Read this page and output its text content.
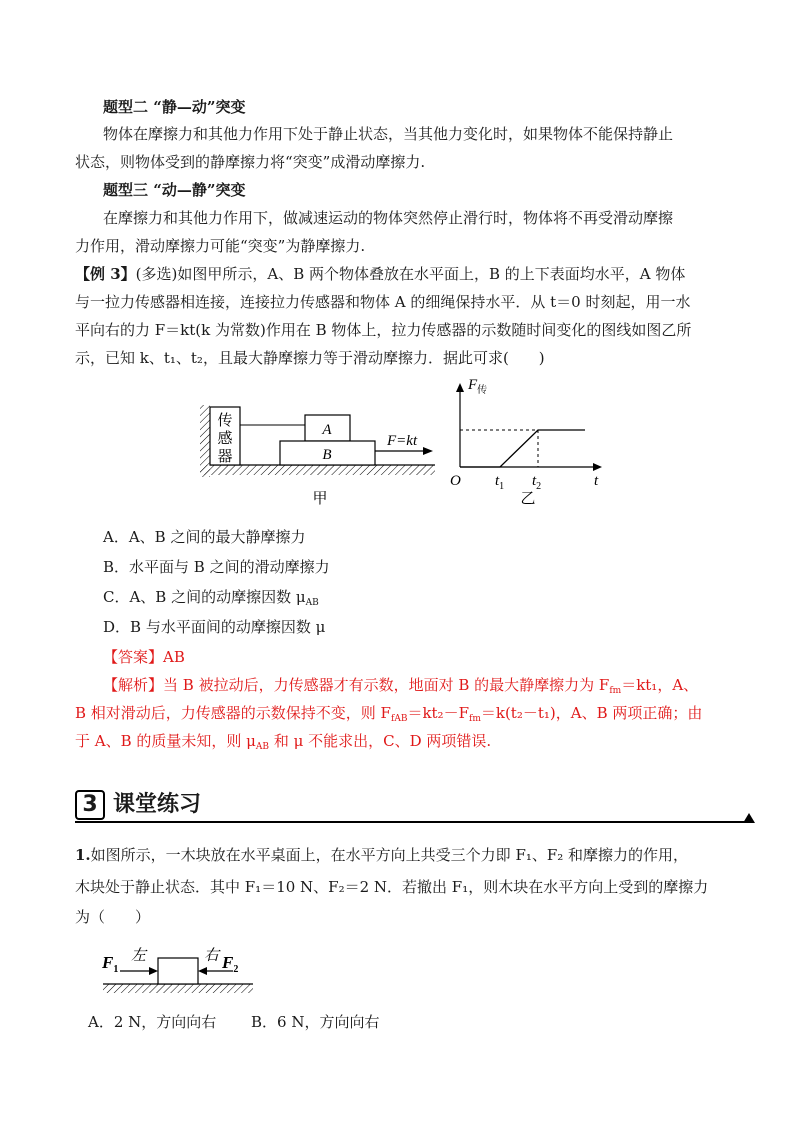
题型二 “静—动”突变
物体在摩擦力和其他力作用下处于静止状态，当其他力变化时，如果物体不能保持静止
状态，则物体受到的静摩擦力将“突变”成滑动摩擦力.
题型三 “动—静”突变
在摩擦力和其他力作用下，做减速运动的物体突然停止滑行时，物体将不再受滑动摩擦
力作用，滑动摩擦力可能“突变”为静摩擦力.
【例 3】(多选)如图甲所示，A、B 两个物体叠放在水平面上，B 的上下表面均水平，A 物体
与一拉力传感器相连接，连接拉力传感器和物体 A 的细绳保持水平．从 t＝0 时刻起，用一水
平向右的力 F＝kt(k 为常数)作用在 B 物体上，拉力传感器的示数随时间变化的图线如图乙所
示，已知 k、t₁、t₂，且最大静摩擦力等于滑动摩擦力．据此可求(　　)
传
感
器
A
B
F=kt
甲
$F_传$
O	t
$t_1$ $t_2$
乙
A．A、B 之间的最大静摩擦力
B．水平面与 B 之间的滑动摩擦力
C．A、B 之间的动摩擦因数 $\mu_{AB}$
D．B 与水平面间的动摩擦因数 μ
【答案】AB
【解析】当 B 被拉动后，力传感器才有示数，地面对 B 的最大静摩擦力为 $F_{fm}=kt_1$，A、
B 相对滑动后，力传感器的示数保持不变，则 $F_{fAB}=kt_2-F_{fm}=k(t_2-t_1)$，A、B 两项正确；由
于 A、B 的质量未知，则 $\mu_{AB}$ 和 μ 不能求出，C、D 两项错误.
3 课堂练习
1.如图所示，一木块放在水平桌面上，在水平方向上共受三个力即 F₁、F₂ 和摩擦力的作用，
木块处于静止状态．其中 F₁＝10 N、F₂＝2 N．若撤出 F₁，则木块在水平方向上受到的摩擦力
为（　　）
$F_1$
左	右 $F_2$
A．2 N，方向向右 B．6 N，方向向右
